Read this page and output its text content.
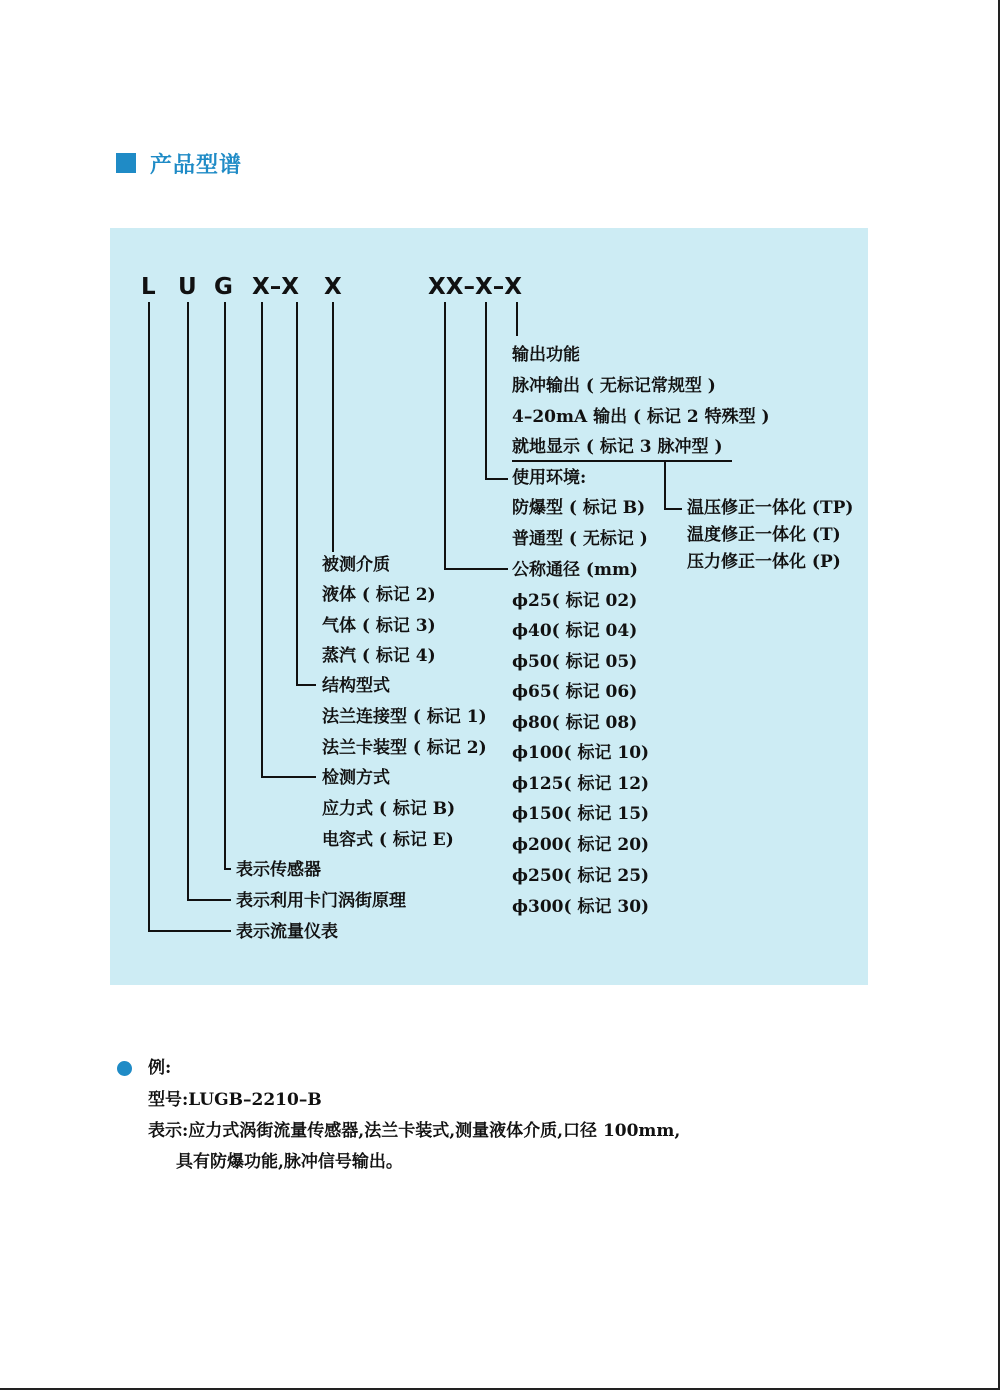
产品型谱
L U G X–X X	XX–X–X
输出功能
脉冲输出 ( 无标记常规型 )
4–20mA 输出 ( 标记 2 特殊型 )
就地显示 ( 标记 3 脉冲型 )
使用环境:
防爆型 ( 标记 B)
普通型 ( 无标记 )
温压修正一体化 (TP)
温度修正一体化 (T)
压力修正一体化 (P)
公称通径 (mm)
ϕ25( 标记 02)
ϕ40( 标记 04)
ϕ50( 标记 05)
ϕ65( 标记 06)
ϕ80( 标记 08)
ϕ100( 标记 10)
ϕ125( 标记 12)
ϕ150( 标记 15)
ϕ200( 标记 20)
ϕ250( 标记 25)
ϕ300( 标记 30)
被测介质
液体 ( 标记 2)
气体 ( 标记 3)
蒸汽 ( 标记 4)
结构型式
法兰连接型 ( 标记 1)
法兰卡装型 ( 标记 2)
检测方式
应力式 ( 标记 B)
电容式 ( 标记 E)
表示传感器
表示利用卡门涡街原理
表示流量仪表
例:
型号:LUGB–2210–B
表示:应力式涡街流量传感器,法兰卡装式,测量液体介质,口径 100mm,
具有防爆功能,脉冲信号输出。
